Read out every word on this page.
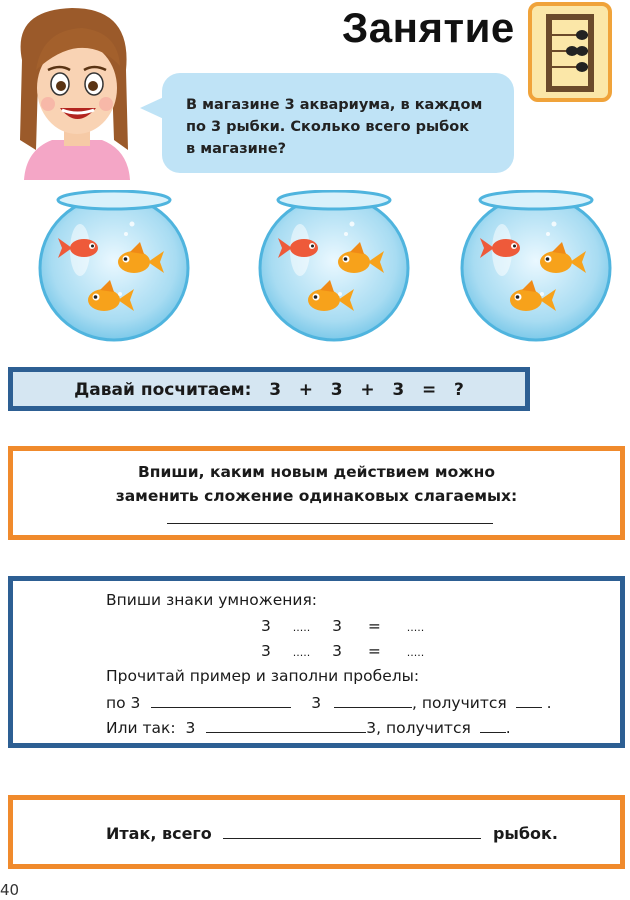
Занятие
В магазине 3 аквариума, в каждом
по 3 рыбки. Сколько всего рыбок
в магазине?
Давай посчитаем:   3   +   3   +   3   =   ?
Впиши, каким новым действием можно
заменить сложение одинаковых слагаемых:
Впиши знаки умножения:
3 ..... 3 = .....
3 ..... 3 = .....
Прочитай пример и заполни пробелы:
по 3	3	, получится	.
Или так:  3	3, получится .
Итак, всего	рыбок.
40
